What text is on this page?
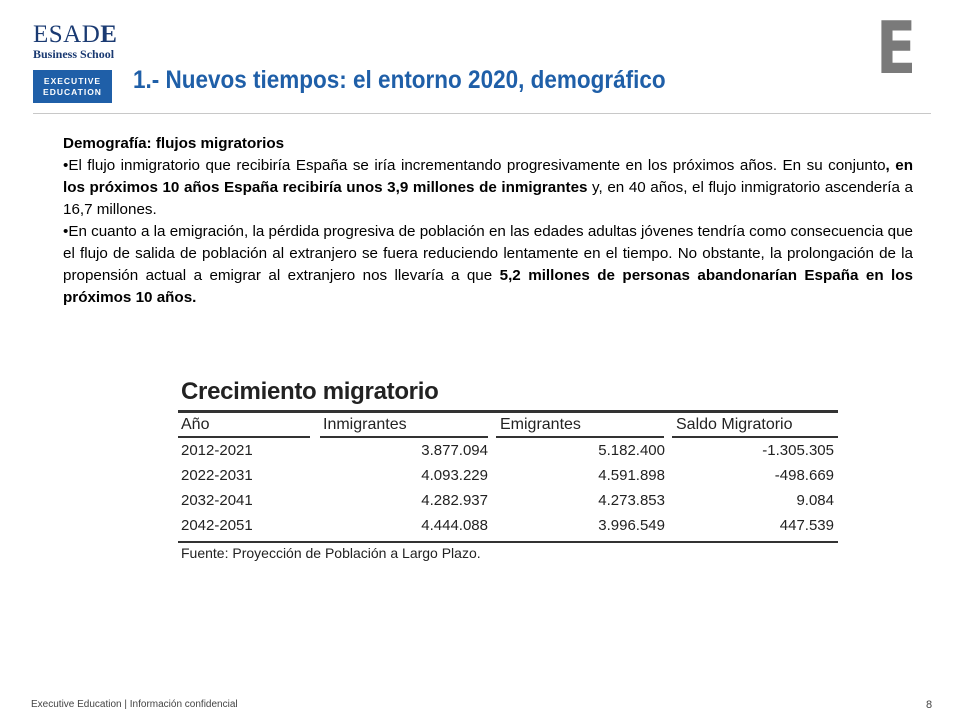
ESADE
Business School
EXECUTIVE
EDUCATION
E
1.- Nuevos tiempos: el entorno 2020, demográfico

Demografía: flujos migratorios

•El flujo inmigratorio que recibiría España se iría incrementando progresivamente en los próximos años. En su conjunto, en los próximos 10 años España recibiría unos 3,9 millones de inmigrantes y, en 40 años, el flujo inmigratorio ascendería a 16,7 millones.

•En cuanto a la emigración, la pérdida progresiva de población en las edades adultas jóvenes tendría como consecuencia que el flujo de salida de población al extranjero se fuera reduciendo lentamente en el tiempo. No obstante, la prolongación de la propensión actual a emigrar al extranjero nos llevaría a que 5,2 millones de personas abandonarían España en los próximos 10 años.

Crecimiento migratorio
Año	Inmigrantes	Emigrantes	Saldo Migratorio
2012-2021	3.877.094	5.182.400	-1.305.305
2022-2031	4.093.229	4.591.898	-498.669
2032-2041	4.282.937	4.273.853	9.084
2042-2051	4.444.088	3.996.549	447.539
Fuente: Proyección de Población a Largo Plazo.
Executive Education | Información confidencial	8
